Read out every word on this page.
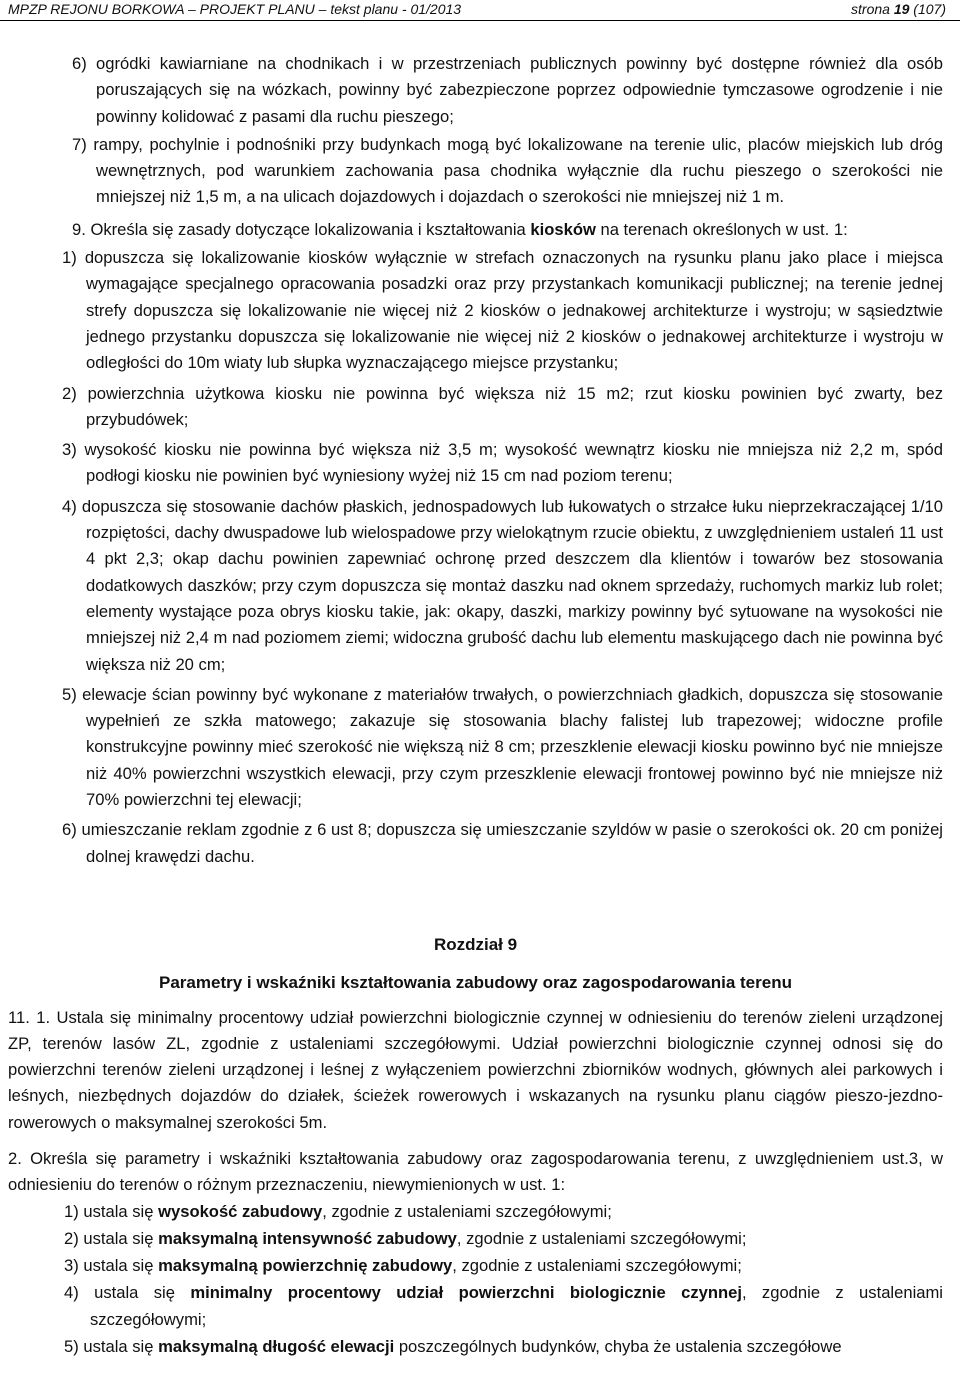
MPZP REJONU BORKOWA – PROJEKT PLANU – tekst planu - 01/2013	strona 19 (107)

6) ogródki kawiarniane na chodnikach i w przestrzeniach publicznych powinny być dostępne również dla osób poruszających się na wózkach, powinny być zabezpieczone poprzez odpowiednie tymczasowe ogrodzenie i nie powinny kolidować z pasami dla ruchu pieszego;

7) rampy, pochylnie i podnośniki przy budynkach mogą być lokalizowane na terenie ulic, placów miejskich lub dróg wewnętrznych, pod warunkiem zachowania pasa chodnika wyłącznie dla ruchu pieszego o szerokości nie mniejszej niż 1,5 m, a na ulicach dojazdowych i dojazdach o szerokości nie mniejszej niż 1 m.

9. Określa się zasady dotyczące lokalizowania i kształtowania kiosków na terenach określonych w ust. 1:

1) dopuszcza się lokalizowanie kiosków wyłącznie w strefach oznaczonych na rysunku planu jako place i miejsca wymagające specjalnego opracowania posadzki oraz przy przystankach komunikacji publicznej; na terenie jednej strefy dopuszcza się lokalizowanie nie więcej niż 2 kiosków o jednakowej architekturze i wystroju; w sąsiedztwie jednego przystanku dopuszcza się lokalizowanie nie więcej niż 2 kiosków o jednakowej architekturze i wystroju w odległości do 10m wiaty lub słupka wyznaczającego miejsce przystanku;

2) powierzchnia użytkowa kiosku nie powinna być większa niż 15 m2; rzut kiosku powinien być zwarty, bez przybudówek;

3) wysokość kiosku nie powinna być większa niż 3,5 m; wysokość wewnątrz kiosku nie mniejsza niż 2,2 m, spód podłogi kiosku nie powinien być wyniesiony wyżej niż 15 cm nad poziom terenu;

4) dopuszcza się stosowanie dachów płaskich, jednospadowych lub łukowatych o strzałce łuku nieprzekraczającej 1/10 rozpiętości, dachy dwuspadowe lub wielospadowe przy wielokątnym rzucie obiektu, z uwzględnieniem ustaleń 11 ust 4 pkt 2,3; okap dachu powinien zapewniać ochronę przed deszczem dla klientów i towarów bez stosowania dodatkowych daszków; przy czym dopuszcza się montaż daszku nad oknem sprzedaży, ruchomych markiz lub rolet; elementy wystające poza obrys kiosku takie, jak: okapy, daszki, markizy powinny być sytuowane na wysokości nie mniejszej niż 2,4 m nad poziomem ziemi; widoczna grubość dachu lub elementu maskującego dach nie powinna być większa niż 20 cm;

5) elewacje ścian powinny być wykonane z materiałów trwałych, o powierzchniach gładkich, dopuszcza się stosowanie wypełnień ze szkła matowego; zakazuje się stosowania blachy falistej lub trapezowej; widoczne profile konstrukcyjne powinny mieć szerokość nie większą niż 8 cm; przeszklenie elewacji kiosku powinno być nie mniejsze niż 40% powierzchni wszystkich elewacji, przy czym przeszklenie elewacji frontowej powinno być nie mniejsze niż 70% powierzchni tej elewacji;

6) umieszczanie reklam zgodnie z 6 ust 8; dopuszcza się umieszczanie szyldów w pasie o szerokości ok. 20 cm poniżej dolnej krawędzi dachu.

Rozdział 9

Parametry i wskaźniki kształtowania zabudowy oraz zagospodarowania terenu

11. 1. Ustala się minimalny procentowy udział powierzchni biologicznie czynnej w odniesieniu do terenów zieleni urządzonej ZP, terenów lasów ZL, zgodnie z ustaleniami szczegółowymi. Udział powierzchni biologicznie czynnej odnosi się do powierzchni terenów zieleni urządzonej i leśnej z wyłączeniem powierzchni zbiorników wodnych, głównych alei parkowych i leśnych, niezbędnych dojazdów do działek, ścieżek rowerowych i wskazanych na rysunku planu ciągów pieszo-jezdno-rowerowych o maksymalnej szerokości 5m.

2. Określa się parametry i wskaźniki kształtowania zabudowy oraz zagospodarowania terenu, z uwzględnieniem ust.3, w odniesieniu do terenów o różnym przeznaczeniu, niewymienionych w ust. 1:

1) ustala się wysokość zabudowy, zgodnie z ustaleniami szczegółowymi;

2) ustala się maksymalną intensywność zabudowy, zgodnie z ustaleniami szczegółowymi;

3) ustala się maksymalną powierzchnię zabudowy, zgodnie z ustaleniami szczegółowymi;

4) ustala się minimalny procentowy udział powierzchni biologicznie czynnej, zgodnie z ustaleniami szczegółowymi;

5) ustala się maksymalną długość elewacji poszczególnych budynków, chyba że ustalenia szczegółowe
